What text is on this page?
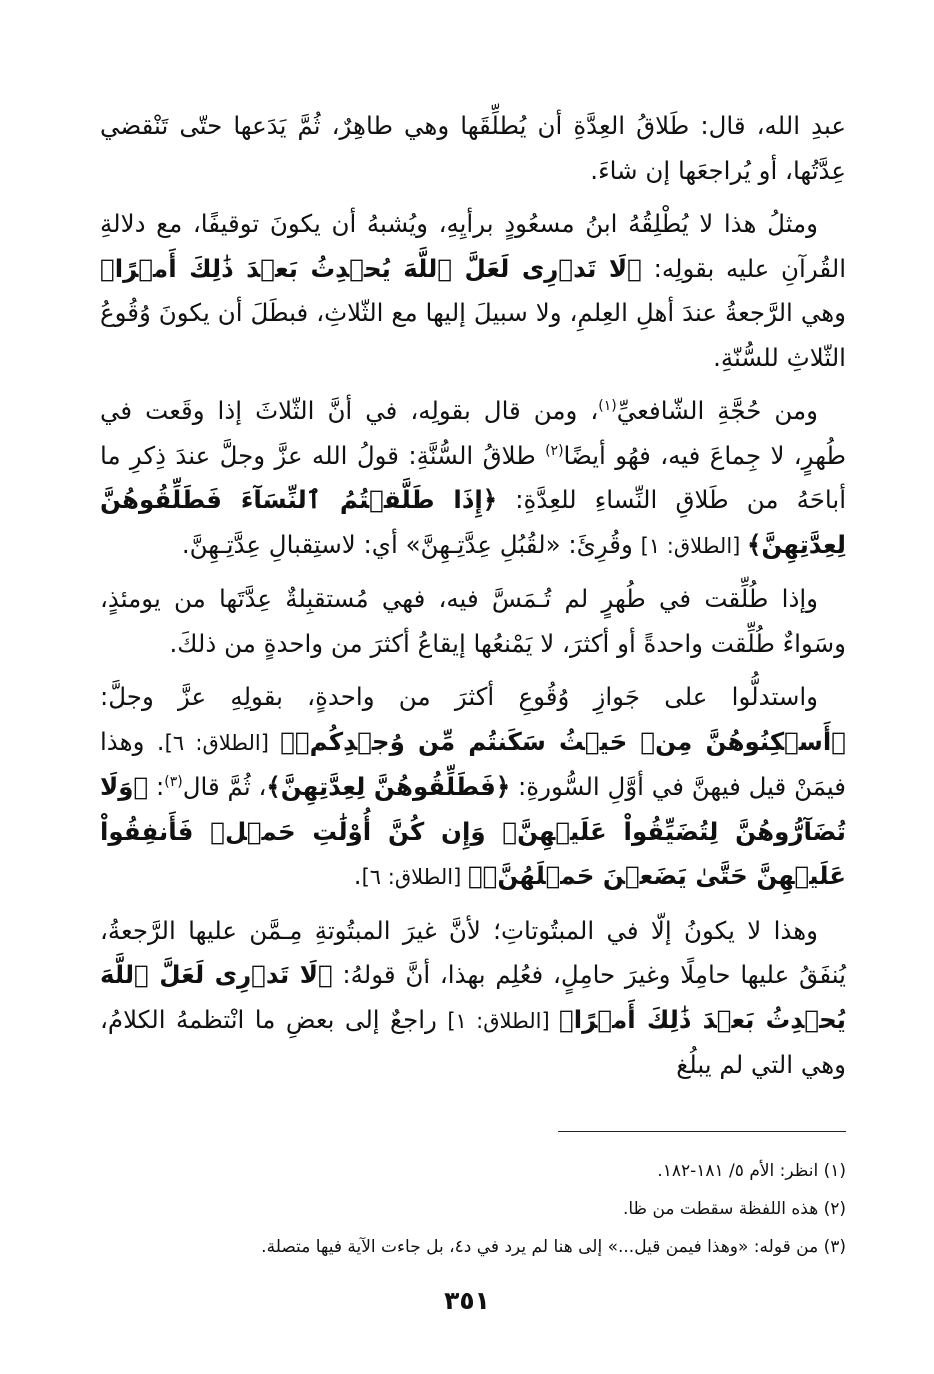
عبدِ الله، قال: طَلاقُ العِدَّةِ أن يُطلِّقَها وهي طاهِرٌ، ثُمَّ يَدَعها حتّى تَنْقضي عِدَّتُها، أو يُراجعَها إن شاءَ.

ومثلُ هذا لا يُطْلِقُهُ ابنُ مسعُودٍ برأيِهِ، ويُشبهُ أن يكونَ توقيفًا، مع دلالةِ القُرآنِ عليه بقولِه: ﴿لَا تَدۡرِى لَعَلَّ ٱللَّهَ يُحۡدِثُ بَعۡدَ ذَٰلِكَ أَمۡرًا﴾ وهي الرَّجعةُ عندَ أهلِ العِلمِ، ولا سبيلَ إليها مع الثّلاثِ، فبطَلَ أن يكونَ وُقُوعُ الثّلاثِ للسُّنّةِ.

ومن حُجَّةِ الشّافعيِّ$^{(١)}$، ومن قال بقولِه، في أنَّ الثّلاثَ إذا وقَعت في طُهرٍ، لا جِماعَ فيه، فهُو أيضًا$^{(٢)}$ طلاقُ السُّنَّةِ: قولُ الله عزَّ وجلَّ عندَ ذِكرِ ما أباحَهُ من طَلاقِ النِّساءِ للعِدَّةِ: ﴿إِذَا طَلَّقۡتُمُ ٱلنِّسَآءَ فَطَلِّقُوهُنَّ لِعِدَّتِهِنَّ﴾ [الطلاق: ١] وقُرِئَ: «لقُبُلِ عِدَّتِـهِنَّ» أي: لاستِقبالِ عِدَّتِـهِنَّ.

وإذا طُلِّقت في طُهرٍ لم تُـمَسَّ فيه، فهي مُستقبِلةٌ عِدَّتَها من يومئذٍ، وسَواءٌ طُلِّقت واحدةً أو أكثرَ، لا يَمْنعُها إيقاعُ أكثرَ من واحدةٍ من ذلكَ.

واستدلُّوا على جَوازِ وُقُوعِ أكثرَ من واحدةٍ، بقولِهِ عزَّ وجلَّ: ﴿أَسۡكِنُوهُنَّ مِنۡ حَيۡثُ سَكَنتُم مِّن وُجۡدِكُمۡ﴾ [الطلاق: ٦]. وهذا فيمَنْ قيل فيهنَّ في أوَّلِ السُّورةِ: ﴿فَطَلِّقُوهُنَّ لِعِدَّتِهِنَّ﴾، ثُمَّ قال$^{(٣)}$: ﴿وَلَا تُضَآرُّوهُنَّ لِتُضَيِّقُواْ عَلَيۡهِنَّۚ وَإِن كُنَّ أُوْلَٰتِ حَمۡلٖ فَأَنفِقُواْ عَلَيۡهِنَّ حَتَّىٰ يَضَعۡنَ حَمۡلَهُنَّۚ﴾ [الطلاق: ٦].

وهذا لا يكونُ إلّا في المبتُوتاتِ؛ لأنَّ غيرَ المبتُوتةِ مِـمَّن عليها الرَّجعةُ، يُنفَقُ عليها حامِلًا وغيرَ حامِلٍ، فعُلِم بهذا، أنَّ قولهُ: ﴿لَا تَدۡرِى لَعَلَّ ٱللَّهَ يُحۡدِثُ بَعۡدَ ذَٰلِكَ أَمۡرًا﴾ [الطلاق: ١] راجعٌ إلى بعضِ ما انْتظمهُ الكلامُ، وهي التي لم يبلُغ

(١) انظر: الأم ٥/ ١٨١-١٨٢.
(٢) هذه اللفظة سقطت من ظا.
(٣) من قوله: «وهذا فيمن قيل...» إلى هنا لم يرد في د٤، بل جاءت الآية فيها متصلة.
٣٥١
